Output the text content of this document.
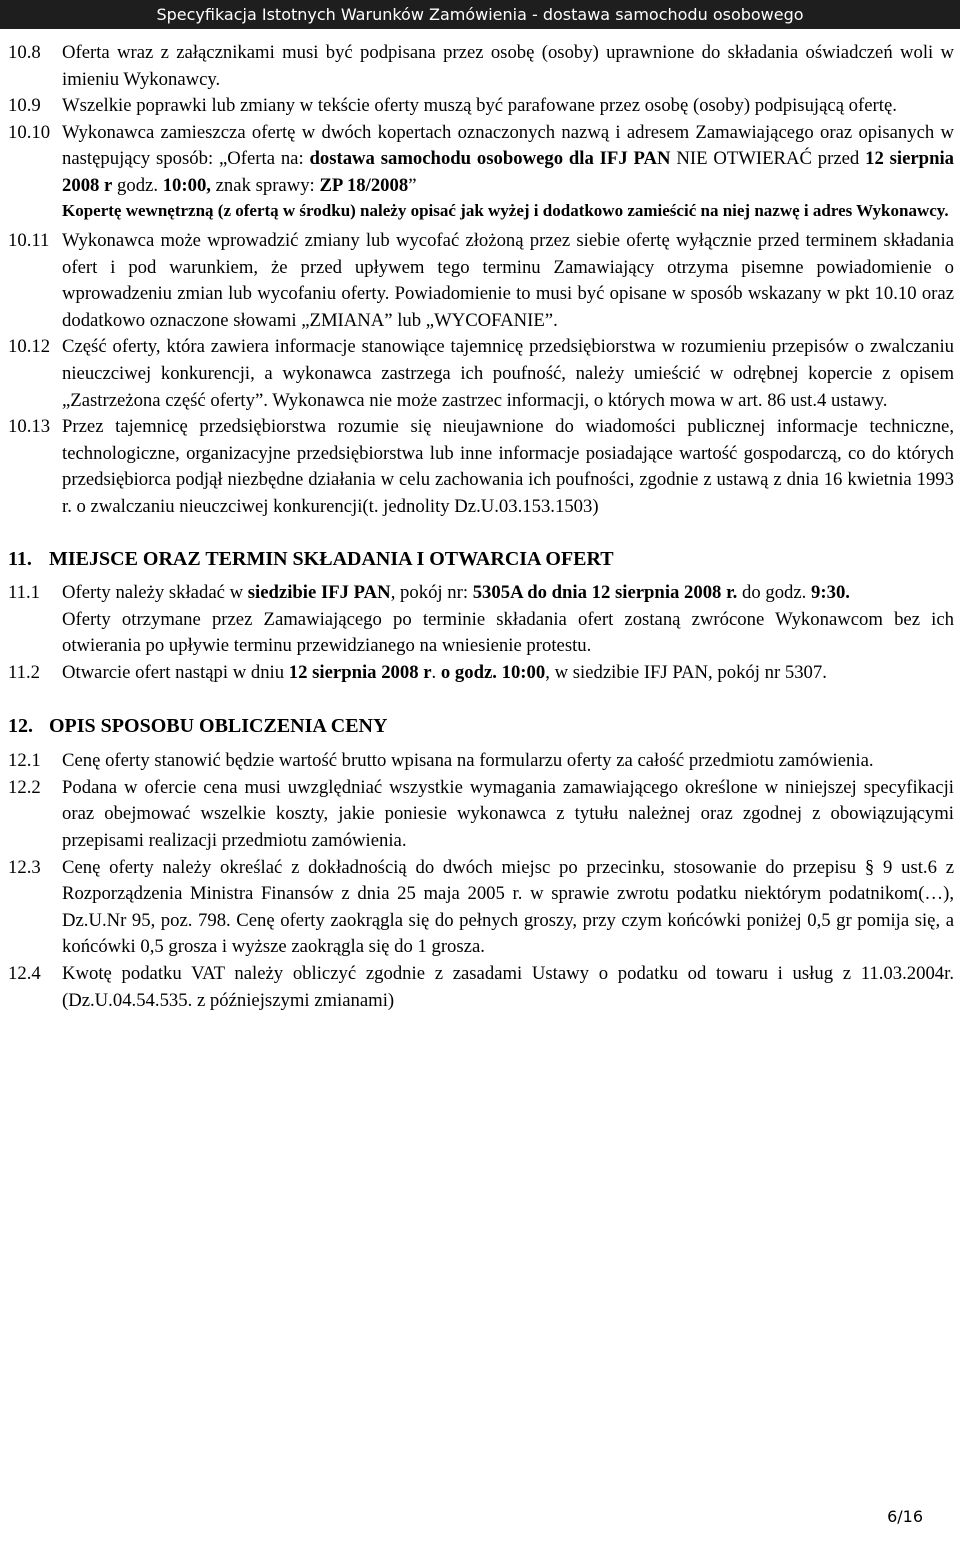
Specyfikacja Istotnych Warunków Zamówienia - dostawa samochodu osobowego
10.8	Oferta wraz z załącznikami musi być podpisana przez osobę (osoby) uprawnione do składania oświadczeń woli w imieniu Wykonawcy.
10.9	Wszelkie poprawki lub zmiany w tekście oferty muszą być parafowane przez osobę (osoby) podpisującą ofertę.
10.10 Wykonawca zamieszcza ofertę w dwóch kopertach oznaczonych nazwą i adresem Zamawiającego oraz opisanych w następujący sposób: „Oferta na: dostawa samochodu osobowego dla IFJ PAN NIE OTWIERAĆ przed 12 sierpnia 2008 r godz. 10:00, znak sprawy: ZP 18/2008”
Kopertę wewnętrzną (z ofertą w środku) należy opisać jak wyżej i dodatkowo zamieścić na niej nazwę i adres Wykonawcy.
10.11 Wykonawca może wprowadzić zmiany lub wycofać złożoną przez siebie ofertę wyłącznie przed terminem składania ofert i pod warunkiem, że przed upływem tego terminu Zamawiający otrzyma pisemne powiadomienie o wprowadzeniu zmian lub wycofaniu oferty. Powiadomienie to musi być opisane w sposób wskazany w pkt 10.10 oraz dodatkowo oznaczone słowami „ZMIANA” lub „WYCOFANIE”.
10.12 Część oferty, która zawiera informacje stanowiące tajemnicę przedsiębiorstwa w rozumieniu przepisów o zwalczaniu nieuczciwej konkurencji, a wykonawca zastrzega ich poufność, należy umieścić w odrębnej kopercie z opisem „Zastrzeżona część oferty”. Wykonawca nie może zastrzec informacji, o których mowa w art. 86 ust.4 ustawy.
10.13 Przez tajemnicę przedsiębiorstwa rozumie się nieujawnione do wiadomości publicznej informacje techniczne, technologiczne, organizacyjne przedsiębiorstwa lub inne informacje posiadające wartość gospodarczą, co do których przedsiębiorca podjął niezbędne działania w celu zachowania ich poufności, zgodnie z ustawą z dnia 16 kwietnia 1993 r. o zwalczaniu nieuczciwej konkurencji(t. jednolity Dz.U.03.153.1503)
11. MIEJSCE ORAZ TERMIN SKŁADANIA I OTWARCIA OFERT
11.1	Oferty należy składać w siedzibie IFJ PAN, pokój nr: 5305A do dnia 12 sierpnia 2008 r. do godz. 9:30.
Oferty otrzymane przez Zamawiającego po terminie składania ofert zostaną zwrócone Wykonawcom bez ich otwierania po upływie terminu przewidzianego na wniesienie protestu.
11.2	Otwarcie ofert nastąpi w dniu 12 sierpnia 2008 r. o godz. 10:00, w siedzibie IFJ PAN, pokój nr 5307.
12. OPIS SPOSOBU OBLICZENIA CENY
12.1	Cenę oferty stanowić będzie wartość brutto wpisana na formularzu oferty za całość przedmiotu zamówienia.
12.2	Podana w ofercie cena musi uwzględniać wszystkie wymagania zamawiającego określone w niniejszej specyfikacji oraz obejmować wszelkie koszty, jakie poniesie wykonawca z tytułu należnej oraz zgodnej z obowiązującymi przepisami realizacji przedmiotu zamówienia.
12.3	Cenę oferty należy określać z dokładnością do dwóch miejsc po przecinku, stosowanie do przepisu § 9 ust.6 z Rozporządzenia Ministra Finansów z dnia 25 maja 2005 r. w sprawie zwrotu podatku niektórym podatnikom(…), Dz.U.Nr 95, poz. 798. Cenę oferty zaokrągla się do pełnych groszy, przy czym końcówki poniżej 0,5 gr pomija się, a końcówki 0,5 grosza i wyższe zaokrągla się do 1 grosza.
12.4	Kwotę podatku VAT należy obliczyć zgodnie z zasadami Ustawy o podatku od towaru i usług z 11.03.2004r. (Dz.U.04.54.535. z późniejszymi zmianami)
6/16
